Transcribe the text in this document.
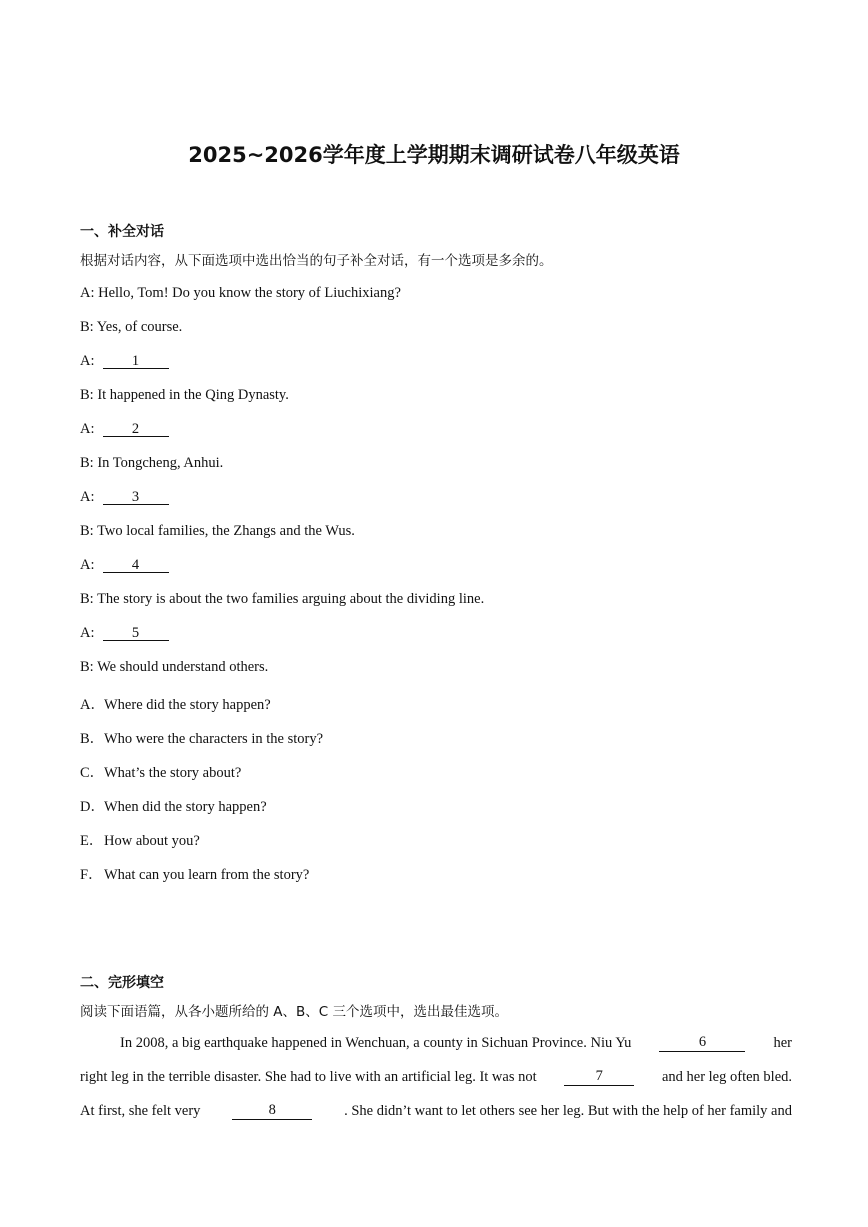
2025~2026学年度上学期期末调研试卷八年级英语
一、补全对话
根据对话内容，从下面选项中选出恰当的句子补全对话，有一个选项是多余的。
A: Hello, Tom! Do you know the story of Liuchixiang?
B: Yes, of course.
A:	1
B: It happened in the Qing Dynasty.
A:	2
B: In Tongcheng, Anhui.
A:	3
B: Two local families, the Zhangs and the Wus.
A:	4
B: The story is about the two families arguing about the dividing line.
A:	5
B: We should understand others.
A．Where did the story happen?
B．Who were the characters in the story?
C．What’s the story about?
D．When did the story happen?
E．How about you?
F．What can you learn from the story?
二、完形填空
阅读下面语篇，从各小题所给的 A、B、C 三个选项中，选出最佳选项。
In 2008, a big earthquake happened in Wenchuan, a county in Sichuan Province. Niu Yu	6	her
right leg in the terrible disaster. She had to live with an artificial leg. It was not	7	and her leg often bled.
At first, she felt very	8	. She didn’t want to let others see her leg. But with the help of her family and
